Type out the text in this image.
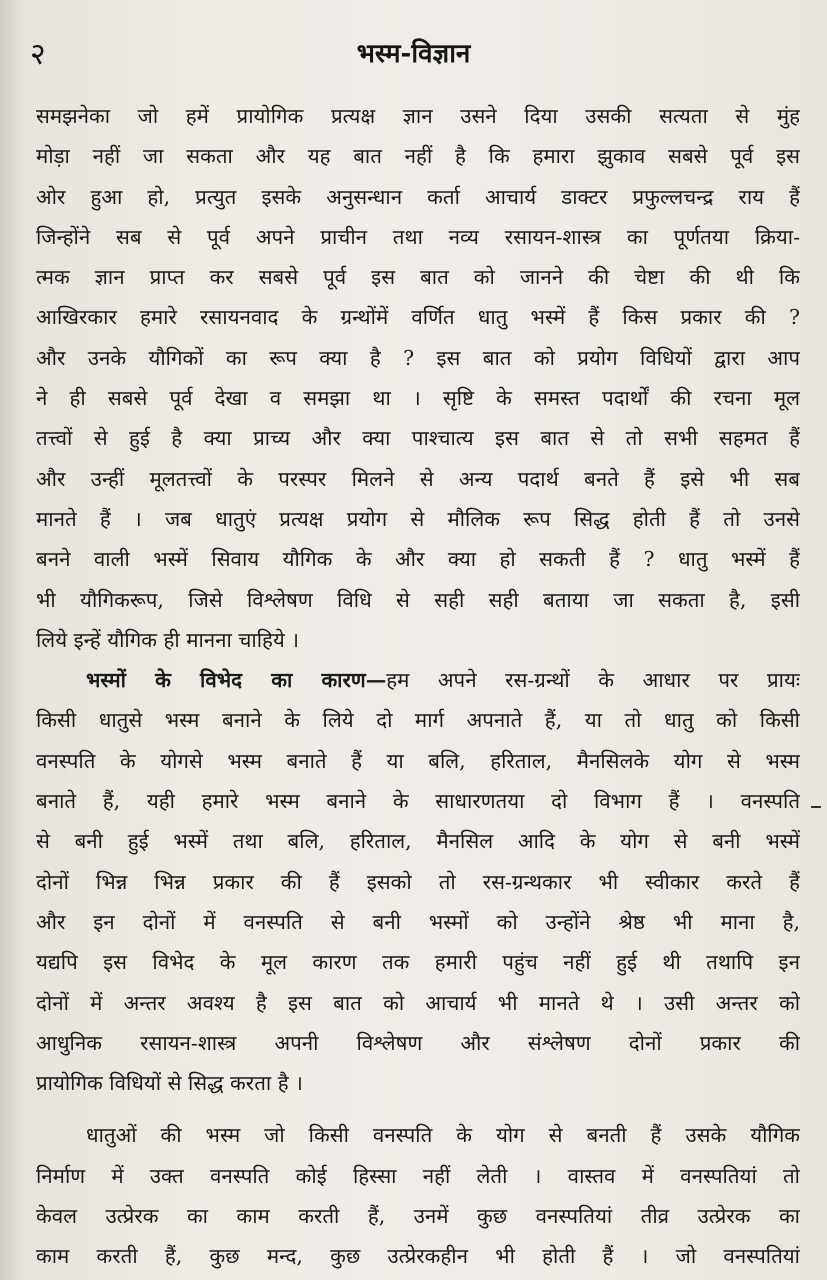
२	भस्म-विज्ञान
समझनेका जो हमें प्रायोगिक प्रत्यक्ष ज्ञान उसने दिया उसकी सत्यता से मुंह
मोड़ा नहीं जा सकता और यह बात नहीं है कि हमारा झुकाव सबसे पूर्व इस
ओर हुआ हो, प्रत्युत इसके अनुसन्धान कर्ता आचार्य डाक्टर प्रफुल्लचन्द्र राय हैं
जिन्होंने सब से पूर्व अपने प्राचीन तथा नव्य रसायन-शास्त्र का पूर्णतया क्रिया-
त्मक ज्ञान प्राप्त कर सबसे पूर्व इस बात को जानने की चेष्टा की थी कि
आखिरकार हमारे रसायनवाद के ग्रन्थोंमें वर्णित धातु भस्में हैं किस प्रकार की ?
और उनके यौगिकों का रूप क्या है ? इस बात को प्रयोग विधियों द्वारा आप
ने ही सबसे पूर्व देखा व समझा था । सृष्टि के समस्त पदार्थों की रचना मूल
तत्त्वों से हुई है क्या प्राच्य और क्या पाश्चात्य इस बात से तो सभी सहमत हैं
और उन्हीं मूलतत्त्वों के परस्पर मिलने से अन्य पदार्थ बनते हैं इसे भी सब
मानते हैं । जब धातुएं प्रत्यक्ष प्रयोग से मौलिक रूप सिद्ध होती हैं तो उनसे
बनने वाली भस्में सिवाय यौगिक के और क्या हो सकती हैं ? धातु भस्में हैं
भी यौगिकरूप, जिसे विश्लेषण विधि से सही सही बताया जा सकता है, इसी
लिये इन्हें यौगिक ही मानना चाहिये ।
भस्मों के विभेद का कारण—हम अपने रस-ग्रन्थों के आधार पर प्रायः
किसी धातुसे भस्म बनाने के लिये दो मार्ग अपनाते हैं, या तो धातु को किसी
वनस्पति के योगसे भस्म बनाते हैं या बलि, हरिताल, मैनसिलके योग से भस्म
बनाते हैं, यही हमारे भस्म बनाने के साधारणतया दो विभाग हैं । वनस्पति
से बनी हुई भस्में तथा बलि, हरिताल, मैनसिल आदि के योग से बनी भस्में
दोनों भिन्न भिन्न प्रकार की हैं इसको तो रस-ग्रन्थकार भी स्वीकार करते हैं
और इन दोनों में वनस्पति से बनी भस्मों को उन्होंने श्रेष्ठ भी माना है,
यद्यपि इस विभेद के मूल कारण तक हमारी पहुंच नहीं हुई थी तथापि इन
दोनों में अन्तर अवश्य है इस बात को आचार्य भी मानते थे । उसी अन्तर को
आधुनिक रसायन-शास्त्र अपनी विश्लेषण और संश्लेषण दोनों प्रकार की
प्रायोगिक विधियों से सिद्ध करता है ।
धातुओं की भस्म जो किसी वनस्पति के योग से बनती हैं उसके यौगिक
निर्माण में उक्त वनस्पति कोई हिस्सा नहीं लेती । वास्तव में वनस्पतियां तो
केवल उत्प्रेरक का काम करती हैं, उनमें कुछ वनस्पतियां तीव्र उत्प्रेरक का
काम करती हैं, कुछ मन्द, कुछ उत्प्रेरकहीन भी होती हैं । जो वनस्पतियां
